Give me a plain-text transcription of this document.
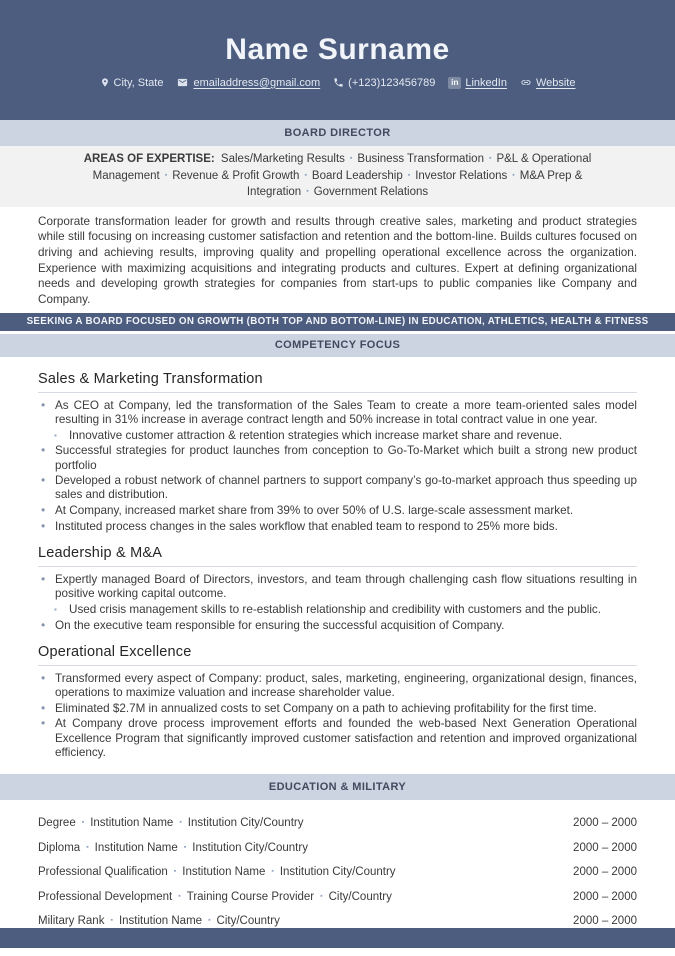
Name Surname
City, State	emailaddress@gmail.com	(+123)123456789	in LinkedIn	Website
BOARD DIRECTOR
AREAS OF EXPERTISE: Sales/Marketing Results ▪ Business Transformation ▪ P&L & Operational Management ▪ Revenue & Profit Growth ▪ Board Leadership ▪ Investor Relations ▪ M&A Prep & Integration ▪ Government Relations

Corporate transformation leader for growth and results through creative sales, marketing and product strategies while still focusing on increasing customer satisfaction and retention and the bottom-line. Builds cultures focused on driving and achieving results, improving quality and propelling operational excellence across the organization. Experience with maximizing acquisitions and integrating products and cultures. Expert at defining organizational needs and developing growth strategies for companies from start-ups to public companies like Company and Company.

SEEKING A BOARD FOCUSED ON GROWTH (BOTH TOP AND BOTTOM-LINE) IN EDUCATION, ATHLETICS, HEALTH & FITNESS
COMPETENCY FOCUS
Sales & Marketing Transformation
• As CEO at Company, led the transformation of the Sales Team to create a more team-oriented sales model resulting in 31% increase in average contract length and 50% increase in total contract value in one year.
▪ Innovative customer attraction & retention strategies which increase market share and revenue.
• Successful strategies for product launches from conception to Go-To-Market which built a strong new product portfolio
• Developed a robust network of channel partners to support company’s go-to-market approach thus speeding up sales and distribution.
• At Company, increased market share from 39% to over 50% of U.S. large-scale assessment market.
• Instituted process changes in the sales workflow that enabled team to respond to 25% more bids.
Leadership & M&A
• Expertly managed Board of Directors, investors, and team through challenging cash flow situations resulting in positive working capital outcome.
▪ Used crisis management skills to re-establish relationship and credibility with customers and the public.
• On the executive team responsible for ensuring the successful acquisition of Company.
Operational Excellence
• Transformed every aspect of Company: product, sales, marketing, engineering, organizational design, finances, operations to maximize valuation and increase shareholder value.
• Eliminated $2.7M in annualized costs to set Company on a path to achieving profitability for the first time.
• At Company drove process improvement efforts and founded the web-based Next Generation Operational Excellence Program that significantly improved customer satisfaction and retention and improved organizational efficiency.
EDUCATION & MILITARY
Degree ▪ Institution Name ▪ Institution City/Country	2000 – 2000
Diploma ▪ Institution Name ▪ Institution City/Country	2000 – 2000
Professional Qualification ▪ Institution Name ▪ Institution City/Country	2000 – 2000
Professional Development ▪ Training Course Provider ▪ City/Country	2000 – 2000
Military Rank ▪ Institution Name ▪ City/Country	2000 – 2000
